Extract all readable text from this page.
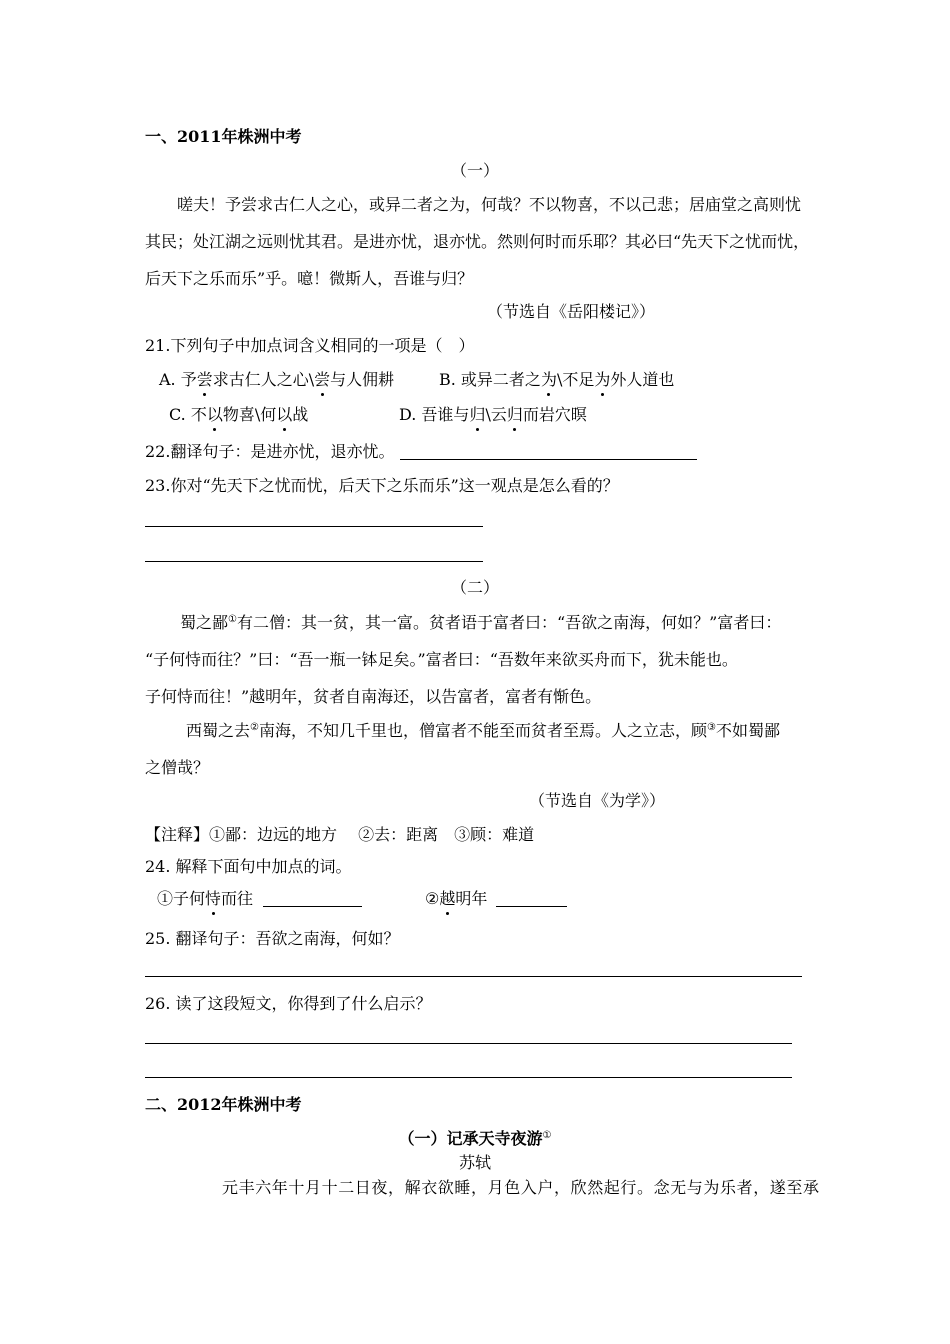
一、2011年株洲中考
（一）
嗟夫！予尝求古仁人之心，或异二者之为，何哉？不以物喜，不以己悲；居庙堂之高则忧
其民；处江湖之远则忧其君。是进亦忧，退亦忧。然则何时而乐耶？其必曰“先天下之忧而忧，
后天下之乐而乐”乎。噫！微斯人，吾谁与归？
（节选自《岳阳楼记》）
21.下列句子中加点词含义相同的一项是（　）
A. 予尝求古仁人之心\尝与人佣耕	B. 或异二者之为\不足为外人道也
C. 不以物喜\何以战	D. 吾谁与归\云归而岩穴暝
22.翻译句子：是进亦忧，退亦忧。
23.你对“先天下之忧而忧，后天下之乐而乐”这一观点是怎么看的？
（二）
蜀之鄙①有二僧：其一贫，其一富。贫者语于富者曰：“吾欲之南海，何如？”富者曰：
“子何恃而往？”曰：“吾一瓶一钵足矣。”富者曰：“吾数年来欲买舟而下，犹未能也。
子何恃而往！”越明年，贫者自南海还，以告富者，富者有惭色。
西蜀之去②南海，不知几千里也，僧富者不能至而贫者至焉。人之立志，顾③不如蜀鄙
之僧哉？
（节选自《为学》）
【注释】①鄙：边远的地方　 ②去：距离　③顾：难道
24. 解释下面句中加点的词。
①子何恃而往	②越明年
25. 翻译句子：吾欲之南海，何如？
26. 读了这段短文，你得到了什么启示？
二、2012年株洲中考
（一）记承天寺夜游①
苏轼
元丰六年十月十二日夜，解衣欲睡，月色入户，欣然起行。念无与为乐者，遂至承
